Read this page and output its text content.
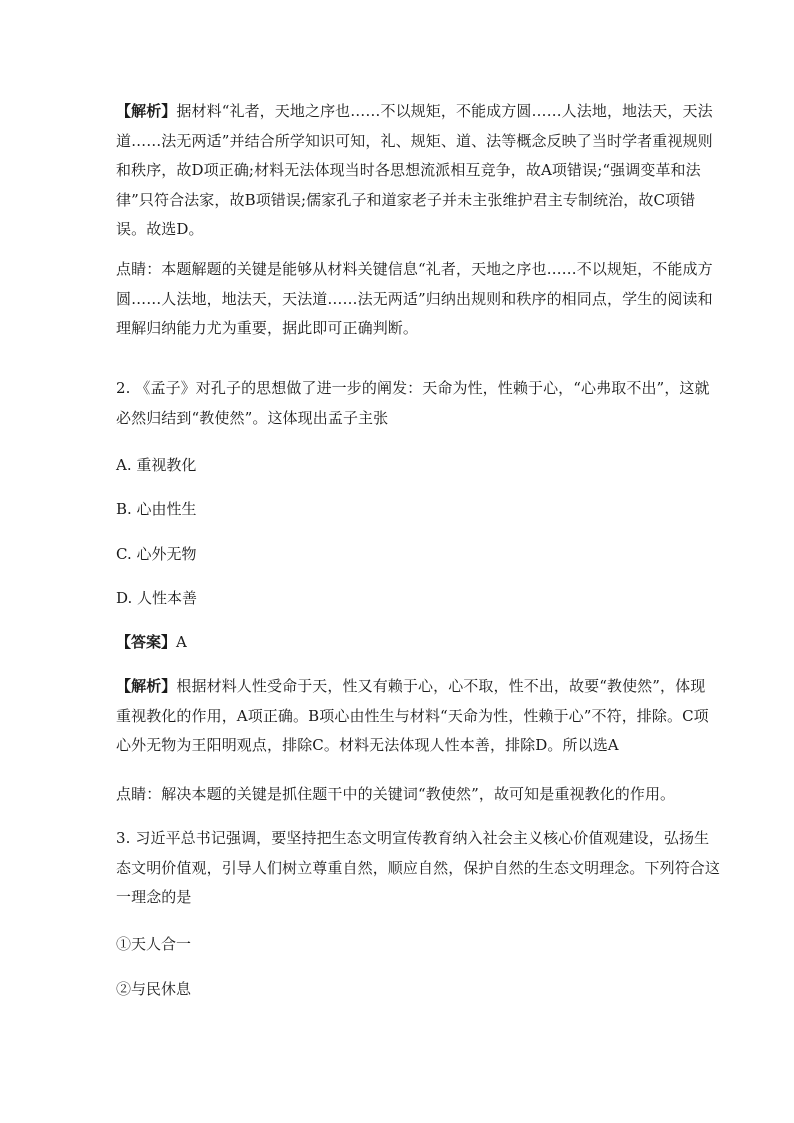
【解析】据材料“礼者，天地之序也……不以规矩，不能成方圆……人法地，地法天，天法
道……法无两适”并结合所学知识可知，礼、规矩、道、法等概念反映了当时学者重视规则
和秩序，故D项正确;材料无法体现当时各思想流派相互竞争，故A项错误;“强调变革和法
律”只符合法家，故B项错误;儒家孔子和道家老子并未主张维护君主专制统治，故C项错
误。故选D。
点睛：本题解题的关键是能够从材料关键信息“礼者，天地之序也……不以规矩，不能成方
圆……人法地，地法天，天法道……法无两适”归纳出规则和秩序的相同点，学生的阅读和
理解归纳能力尤为重要，据此即可正确判断。
2. 《孟子》对孔子的思想做了进一步的阐发：天命为性，性赖于心，“心弗取不出”，这就
必然归结到“教使然”。这体现出孟子主张
A. 重视教化
B. 心由性生
C. 心外无物
D. 人性本善
【答案】A
【解析】根据材料人性受命于天，性又有赖于心，心不取，性不出，故要“教使然”，体现
重视教化的作用，A项正确。B项心由性生与材料“天命为性，性赖于心”不符，排除。C项
心外无物为王阳明观点，排除C。材料无法体现人性本善，排除D。所以选A
点睛：解决本题的关键是抓住题干中的关键词“教使然”，故可知是重视教化的作用。
3. 习近平总书记强调，要坚持把生态文明宣传教育纳入社会主义核心价值观建设，弘扬生
态文明价值观，引导人们树立尊重自然，顺应自然，保护自然的生态文明理念。下列符合这
一理念的是
①天人合一
②与民休息
